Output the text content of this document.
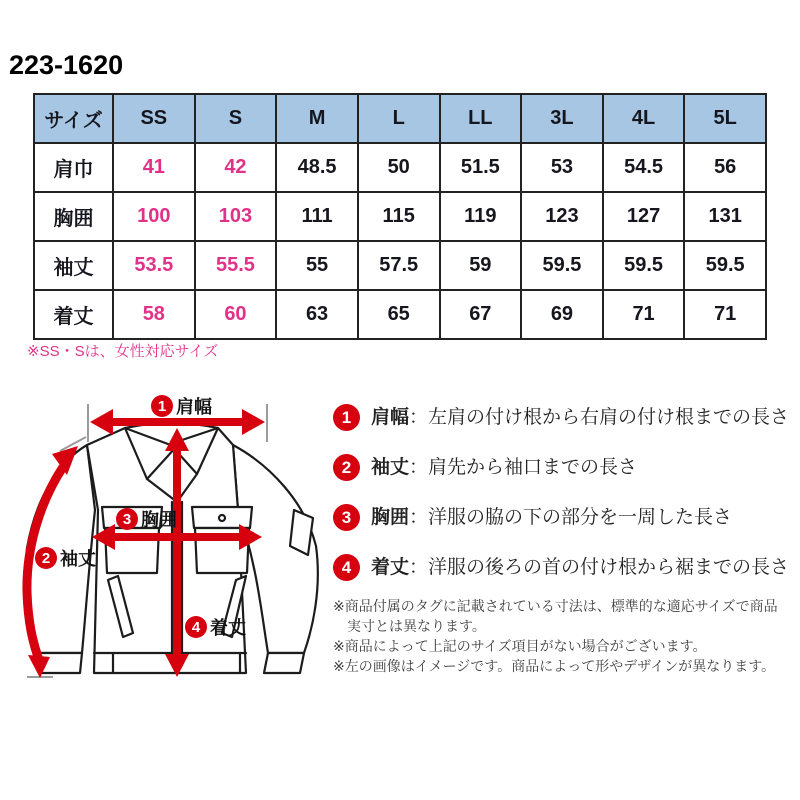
223-1620
サイズ	SS	S	M	L	LL	3L	4L	5L
肩巾	41	42	48.5	50	51.5	53	54.5	56
胸囲	100	103	111	115	119	123	127	131
袖丈	53.5	55.5	55	57.5	59	59.5	59.5	59.5
着丈	58	60	63	65	67	69	71	71

※SS・Sは、女性対応サイズ

1 肩幅
2 袖丈
3 胸囲
4 着丈
1	肩幅：左肩の付け根から右肩の付け根までの長さ
2	袖丈：肩先から袖口までの長さ
3	胸囲：洋服の脇の下の部分を一周した長さ
4	着丈：洋服の後ろの首の付け根から裾までの長さ

※商品付属のタグに記載されている寸法は、標準的な適応サイズで商品実寸とは異なります。

※商品によって上記のサイズ項目がない場合がございます。

※左の画像はイメージです。商品によって形やデザインが異なります。
